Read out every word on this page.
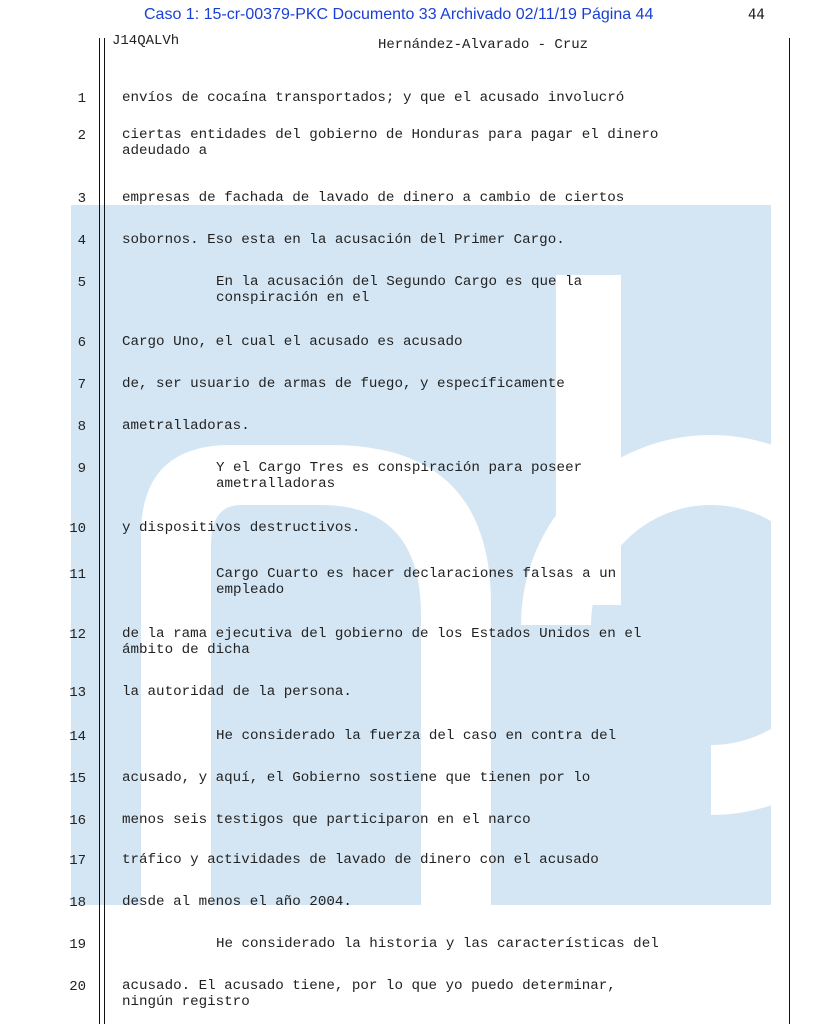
Caso 1: 15-cr-00379-PKC Documento 33 Archivado 02/11/19 Página 44	44
J14QALVh	Hernández-Alvarado - Cruz
1	envíos de cocaína transportados; y que el acusado involucró
2	ciertas entidades del gobierno de Honduras para pagar el dinero
adeudado a
3	empresas de fachada de lavado de dinero a cambio de ciertos
4	sobornos. Eso esta en la acusación del Primer Cargo.
5	En la acusación del Segundo Cargo es que la
conspiración en el
6	Cargo Uno, el cual el acusado es acusado
7	de, ser usuario de armas de fuego, y específicamente
8	ametralladoras.
9	Y el Cargo Tres es conspiración para poseer
ametralladoras
10	y dispositivos destructivos.
11	Cargo Cuarto es hacer declaraciones falsas a un
empleado
12	de la rama ejecutiva del gobierno de los Estados Unidos en el
ámbito de dicha
13	la autoridad de la persona.
14	He considerado la fuerza del caso en contra del
15	acusado, y aquí, el Gobierno sostiene que tienen por lo
16	menos seis testigos que participaron en el narco
17	tráfico y actividades de lavado de dinero con el acusado
18	desde al menos el año 2004.
19	He considerado la historia y las características del
20	acusado. El acusado tiene, por lo que yo puedo determinar,
ningún registro
